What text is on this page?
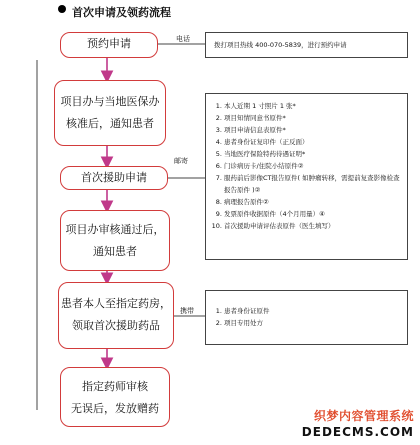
首次申请及领药流程
预约申请
项目办与当地医保办
核准后，通知患者
首次援助申请
项目办审核通过后，
通知患者
患者本人至指定药房，
领取首次援助药品
指定药师审核
无误后，发放赠药
电话
邮寄
携带
拨打项目热线 400-070-5839，进行预约申请
1. 本人近期 1 寸照片 1 张*
2. 项目知情同意书原件*
3. 项目申请信息表原件*
4. 患者身份证复印件（正反面）
5. 当地医疗保险特药待遇证明*
6. 门诊病历卡/住院小结原件②
7. 服药前后影像CT报告原件( 如肿瘤转移，需提前复查影像检查报告原件 )②
8. 病理报告原件②
9. 发票原件收据原件（4个月用量）④
10. 首次援助申请评估表原件（医生填写）
1. 患者身份证原件
2. 项目专用处方
织梦内容管理系统
DEDECMS.COM
